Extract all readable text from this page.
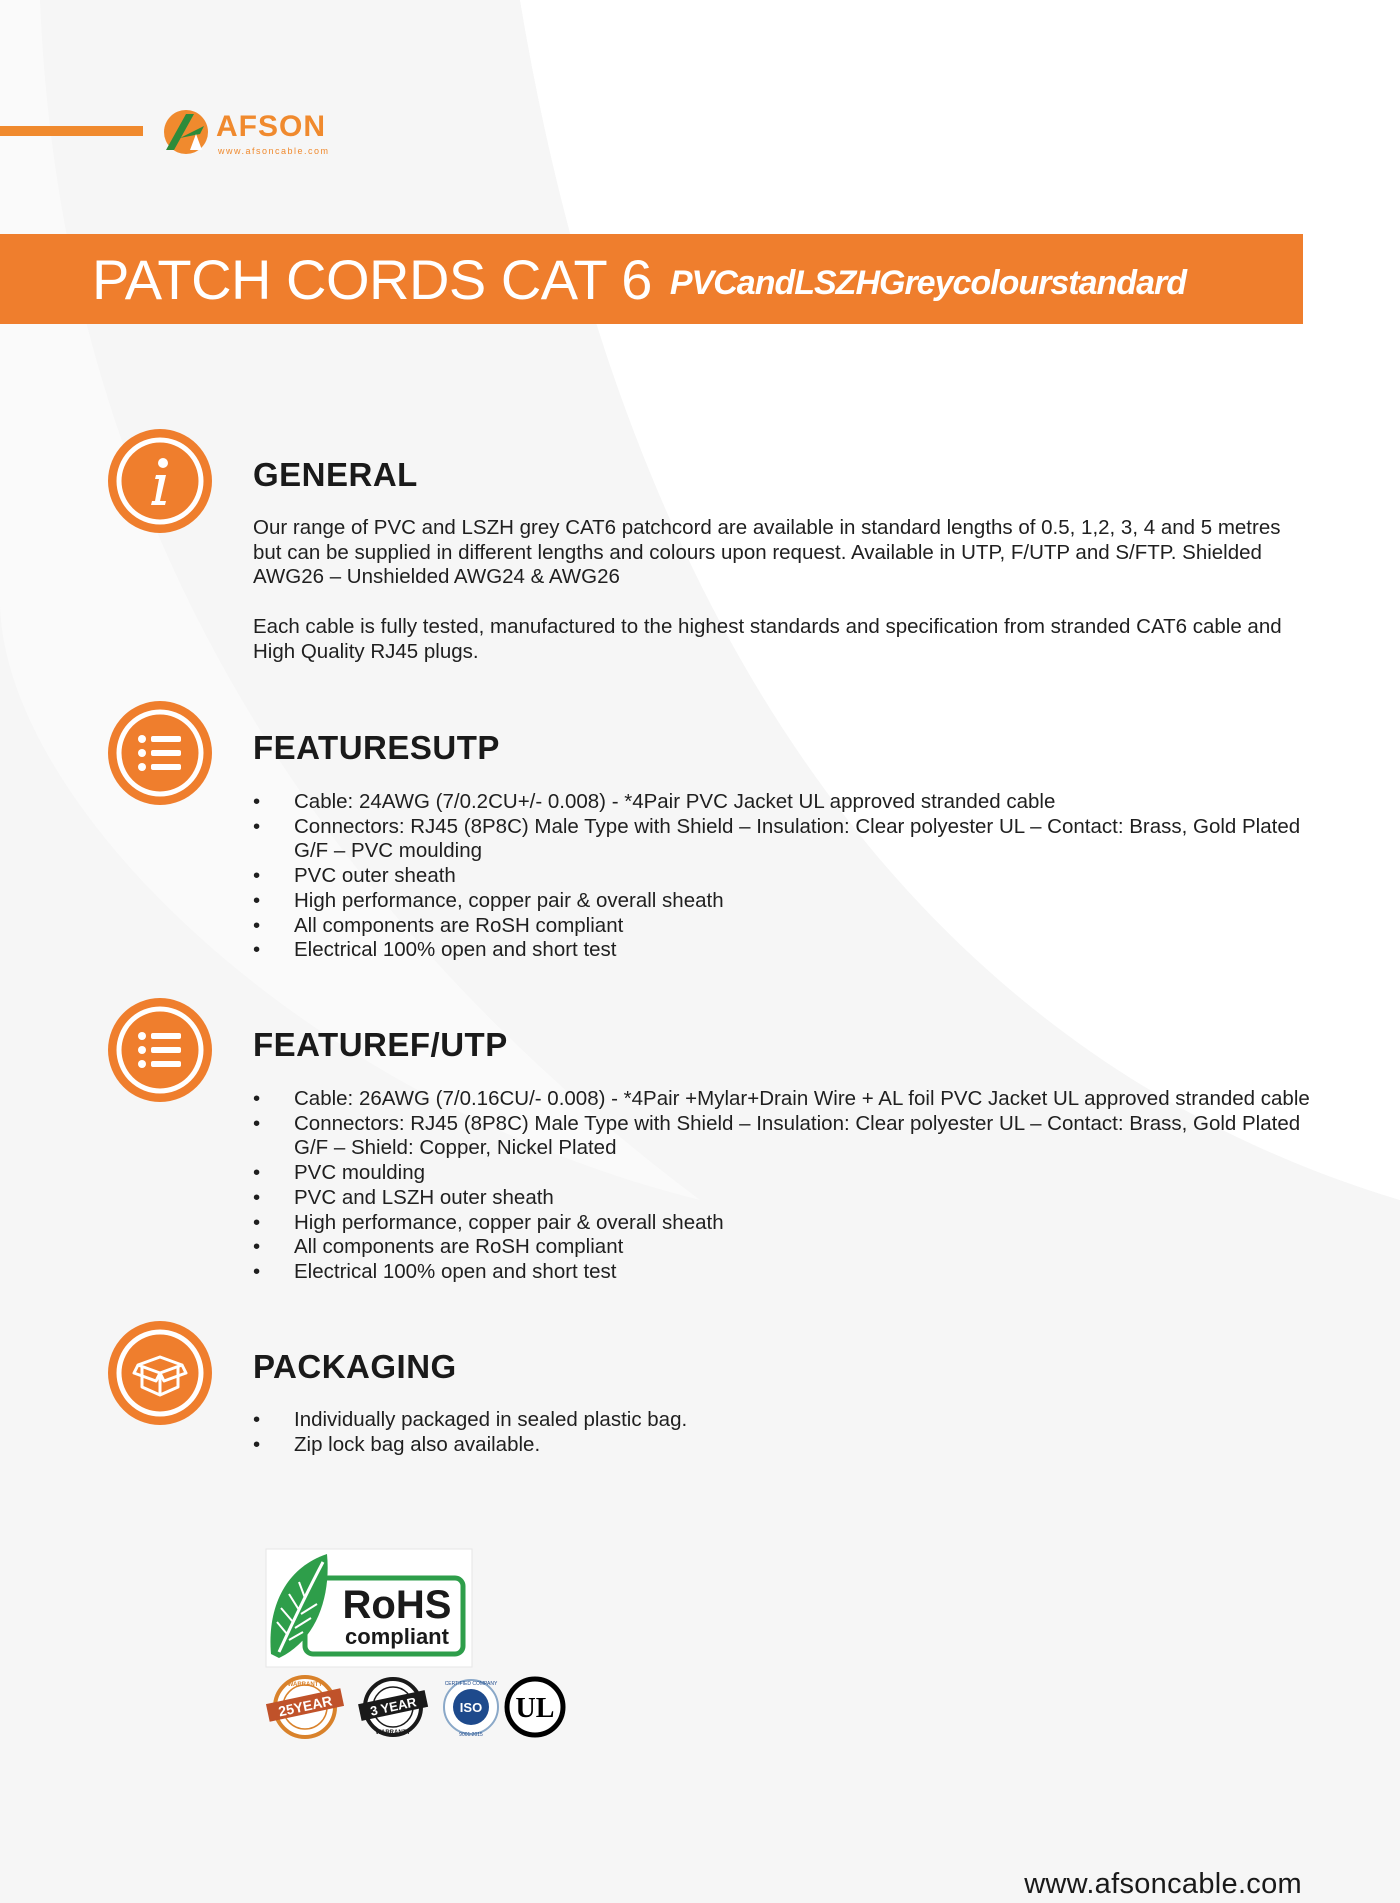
AFSON
www.afsoncable.com
PATCH CORDS CAT 6 PVCandLSZHGreycolourstandard
GENERAL

Our range of PVC and LSZH grey CAT6 patchcord are available in standard lengths of 0.5, 1,2, 3, 4 and 5 metres but can be supplied in different lengths and colours upon request. Available in UTP, F/UTP and S/FTP. Shielded AWG26 – Unshielded AWG24 & AWG26

Each cable is fully tested, manufactured to the highest standards and specification from stranded CAT6 cable and High Quality RJ45 plugs.

FEATURESUTP
• Cable: 24AWG (7/0.2CU+/- 0.008) - *4Pair PVC Jacket UL approved stranded cable
• Connectors: RJ45 (8P8C) Male Type with Shield – Insulation: Clear polyester UL – Contact: Brass, Gold Plated G/F – PVC moulding
• PVC outer sheath
• High performance, copper pair & overall sheath
• All components are RoSH compliant
• Electrical 100% open and short test
FEATUREF/UTP
• Cable: 26AWG (7/0.16CU/- 0.008) - *4Pair +Mylar+Drain Wire + AL foil PVC Jacket UL approved stranded cable
• Connectors: RJ45 (8P8C) Male Type with Shield – Insulation: Clear polyester UL – Contact: Brass, Gold Plated G/F – Shield: Copper, Nickel Plated
• PVC moulding
• PVC and LSZH outer sheath
• High performance, copper pair & overall sheath
• All components are RoSH compliant
• Electrical 100% open and short test
PACKAGING
• Individually packaged in sealed plastic bag.
• Zip lock bag also available.
RoHS
compliant
25YEAR
WARRANTY
3 YEAR
WARRANTY
ISO
CERTIFIED COMPANY
9001:2015
UL
www.afsoncable.com
